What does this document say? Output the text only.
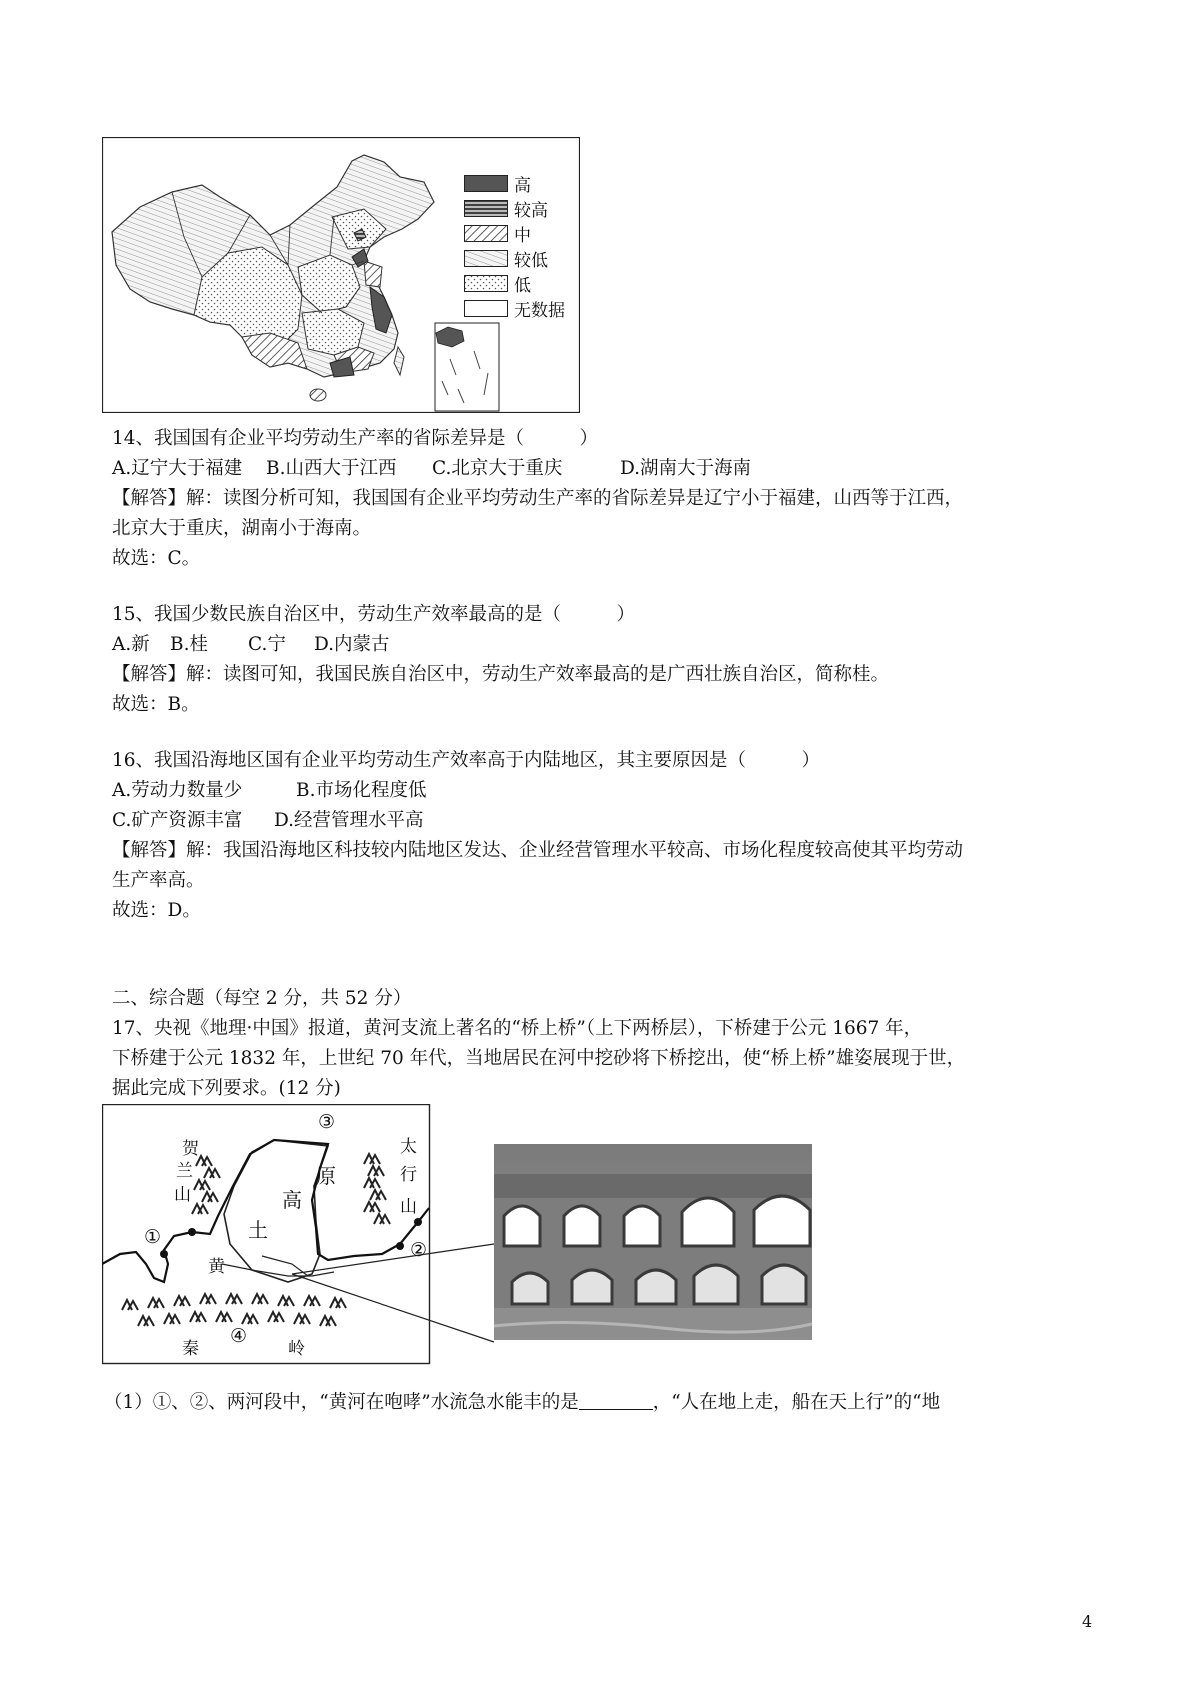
高
较高
中
较低
低
无数据
14、我国国有企业平均劳动生产率的省际差异是（　　　）
A.辽宁大于福建 B.山西大于江西 C.北京大于重庆	D.湖南大于海南
【解答】解：读图分析可知，我国国有企业平均劳动生产率的省际差异是辽宁小于福建，山西等于江西，
北京大于重庆，湖南小于海南。
故选：C。
15、我国少数民族自治区中，劳动生产效率最高的是（　　　）
A.新 B.桂 C.宁 D.内蒙古
【解答】解：读图可知，我国民族自治区中，劳动生产效率最高的是广西壮族自治区，简称桂。
故选：B。
16、我国沿海地区国有企业平均劳动生产效率高于内陆地区，其主要原因是（　　　）
A.劳动力数量少	B.市场化程度低
C.矿产资源丰富 D.经营管理水平高
【解答】解：我国沿海地区科技较内陆地区发达、企业经营管理水平较高、市场化程度较高使其平均劳动
生产率高。
故选：D。
二、综合题（每空 2 分，共 52 分）
17、央视《地理·中国》报道，黄河支流上著名的“桥上桥”（上下两桥层），下桥建于公元 1667 年，
下桥建于公元 1832 年，上世纪 70 年代，当地居民在河中挖砂将下桥挖出，使“桥上桥”雄姿展现于世，
据此完成下列要求。(12 分)
①
②
③
④
贺
兰
山
太
行
山
土
高
原
黄
秦	岭
（1）①、②、两河段中，“黄河在咆哮”水流急水能丰的是	，“人在地上走，船在天上行”的“地
4
